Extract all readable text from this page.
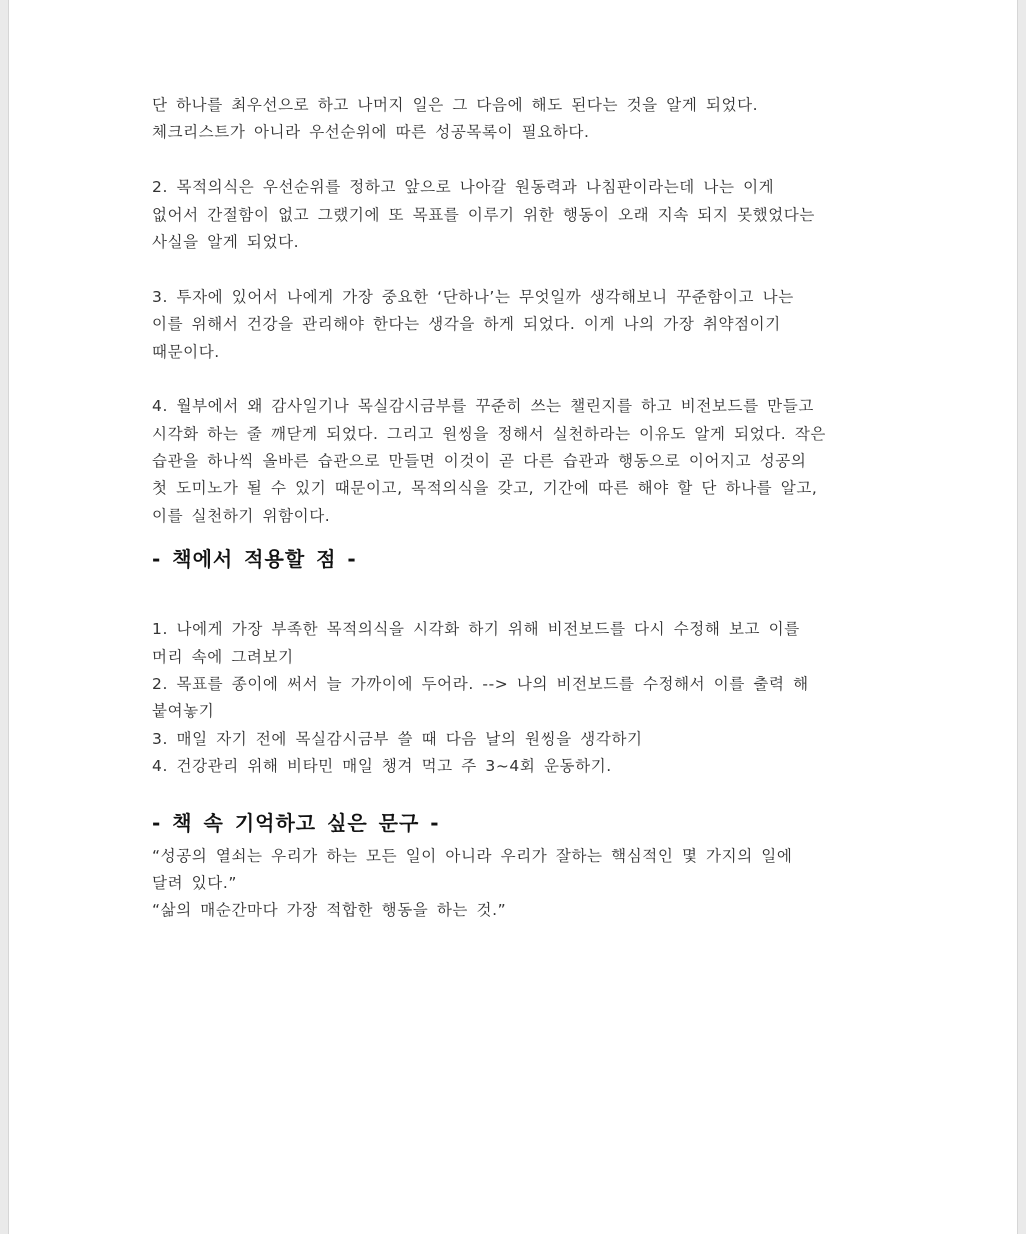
단 하나를 최우선으로 하고 나머지 일은 그 다음에 해도 된다는 것을 알게 되었다.
체크리스트가 아니라 우선순위에 따른 성공목록이 필요하다.
2. 목적의식은 우선순위를 정하고 앞으로 나아갈 원동력과 나침판이라는데 나는 이게
없어서 간절함이 없고 그랬기에 또 목표를 이루기 위한 행동이 오래 지속 되지 못했었다는
사실을 알게 되었다.
3. 투자에 있어서 나에게 가장 중요한 ‘단하나’는 무엇일까 생각해보니 꾸준함이고 나는
이를 위해서 건강을 관리해야 한다는 생각을 하게 되었다. 이게 나의 가장 취약점이기
때문이다.
4. 월부에서 왜 감사일기나 목실감시금부를 꾸준히 쓰는 챌린지를 하고 비전보드를 만들고
시각화 하는 줄 깨닫게 되었다. 그리고 원씽을 정해서 실천하라는 이유도 알게 되었다. 작은
습관을 하나씩 올바른 습관으로 만들면 이것이 곧 다른 습관과 행동으로 이어지고 성공의
첫 도미노가 될 수 있기 때문이고, 목적의식을 갖고, 기간에 따른 해야 할 단 하나를 알고,
이를 실천하기 위함이다.
- 책에서 적용할 점 -
1. 나에게 가장 부족한 목적의식을 시각화 하기 위해 비전보드를 다시 수정해 보고 이를
머리 속에 그려보기
2. 목표를 종이에 써서 늘 가까이에 두어라. --> 나의 비전보드를 수정해서 이를 출력 해
붙여놓기
3. 매일 자기 전에 목실감시금부 쓸 때 다음 날의 원씽을 생각하기
4. 건강관리 위해 비타민 매일 챙겨 먹고 주 3~4회 운동하기.
- 책 속 기억하고 싶은 문구 -
“성공의 열쇠는 우리가 하는 모든 일이 아니라 우리가 잘하는 핵심적인 몇 가지의 일에
달려 있다.”
“삶의 매순간마다 가장 적합한 행동을 하는 것.”
